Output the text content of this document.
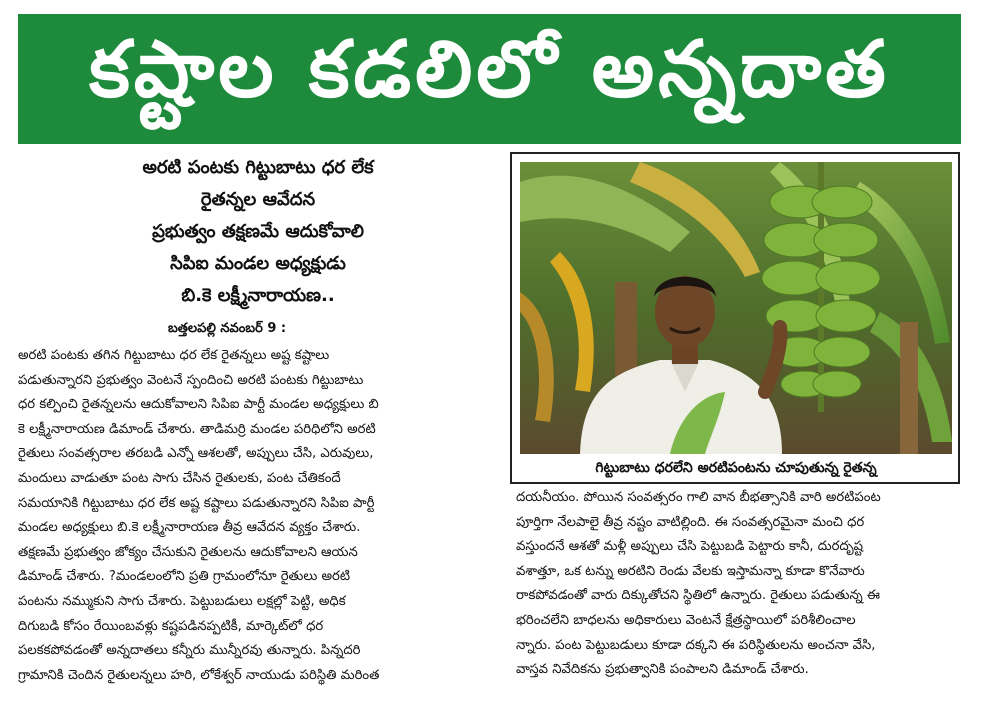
కష్టాల కడలిలో అన్నదాత
అరటి పంటకు గిట్టుబాటు ధర లేక
రైతన్నల ఆవేదన
ప్రభుత్వం తక్షణమే ఆదుకోవాలి
సిపిఐ మండల అధ్యక్షుడు
బి.కె లక్ష్మీనారాయణ..
బత్తలపల్లి నవంబర్ 9 :
అరటి పంటకు తగిన గిట్టుబాటు ధర లేక రైతన్నలు అష్ట కష్టాలు
పడుతున్నారని ప్రభుత్వం వెంటనే స్పందించి అరటి పంటకు గిట్టుబాటు
ధర కల్పించి రైతన్నలను ఆదుకోవాలని సిపిఐ పార్టీ మండల అధ్యక్షులు బి
కె లక్ష్మీనారాయణ డిమాండ్ చేశారు. తాడిమర్రి మండల పరిధిలోని అరటి
రైతులు సంవత్సరాల తరబడి ఎన్నో ఆశలతో, అప్పులు చేసి, ఎరువులు,
మందులు వాడుతూ పంట సాగు చేసిన రైతులకు, పంట చేతికందే
సమయానికి గిట్టుబాటు ధర లేక అష్ట కష్టాలు పడుతున్నారని సిపిఐ పార్టీ
మండల అధ్యక్షులు బి.కె లక్ష్మీనారాయణ తీవ్ర ఆవేదన వ్యక్తం చేశారు.
తక్షణమే ప్రభుత్వం జోక్యం చేసుకుని రైతులను ఆదుకోవాలని ఆయన
డిమాండ్ చేశారు. ?మండలంలోని ప్రతి గ్రామంలోనూ రైతులు అరటి
పంటను నమ్ముకుని సాగు చేశారు. పెట్టుబడులు లక్షల్లో పెట్టి, అధిక
దిగుబడి కోసం రేయింబవళ్లు కష్టపడినప్పటికీ, మార్కెట్‌లో ధర
పలకకపోవడంతో అన్నదాతలు కన్నీరు మున్నీరవు తున్నారు. పిన్నదరి
గ్రామానికి చెందిన రైతులన్నలు హరి, లోకేశ్వర్ నాయుడు పరిస్థితి మరింత
గిట్టుబాటు ధరలేని అరటిపంటను చూపుతున్న రైతన్న
దయనీయం. పోయిన సంవత్సరం గాలి వాన బీభత్సానికి వారి అరటిపంట
పూర్తిగా నేలపాలై తీవ్ర నష్టం వాటిల్లింది. ఈ సంవత్సరమైనా మంచి ధర
వస్తుందనే ఆశతో మళ్లీ అప్పులు చేసి పెట్టుబడి పెట్టారు కానీ, దురదృష్ట
వశాత్తూ, ఒక టన్ను అరటిని రెండు వేలకు ఇస్తామన్నా కూడా కొనేవారు
రాకపోవడంతో వారు దిక్కుతోచని స్థితిలో ఉన్నారు. రైతులు పడుతున్న ఈ
భరించలేని బాధలను అధికారులు వెంటనే క్షేత్రస్థాయిలో పరిశీలించాల
న్నారు. పంట పెట్టుబడులు కూడా దక్కని ఈ పరిస్థితులను అంచనా వేసి,
వాస్తవ నివేదికను ప్రభుత్వానికి పంపాలని డిమాండ్ చేశారు.
